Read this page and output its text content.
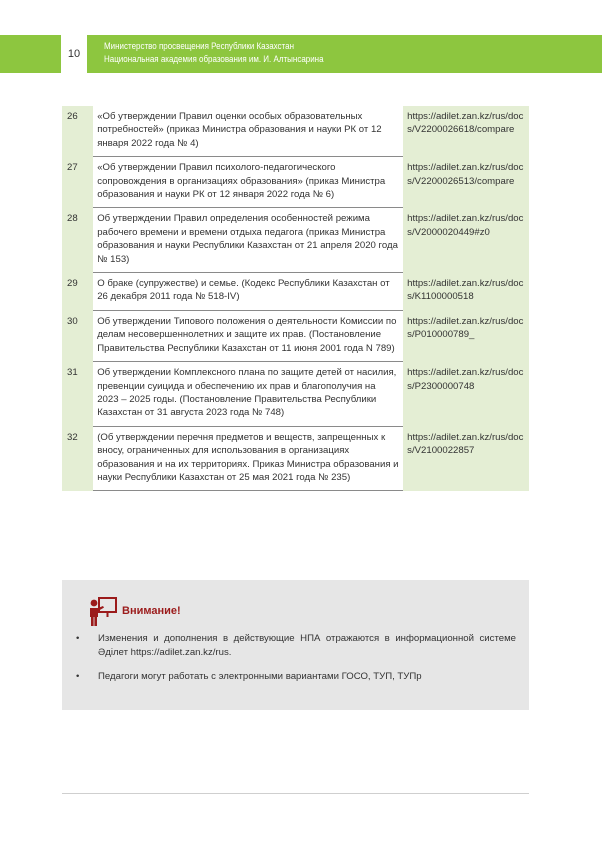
10
Министерство просвещения Республики Казахстан
Национальная академия образования им. И. Алтынсарина
26	«Об утверждении Правил оценки особых образовательных потребностей» (приказ Министра образования и науки РК от 12 января 2022 года № 4)	https://adilet.zan.kz/rus/docs/V2200026618/compare
27	«Об утверждении Правил психолого-педагогического сопровождения в организациях образования» (приказ Министра образования и науки РК от 12 января 2022 года № 6)	https://adilet.zan.kz/rus/docs/V2200026513/compare
28	Об утверждении Правил определения особенностей режима рабочего времени и времени отдыха педагога (приказ Министра образования и науки Республики Казахстан от 21 апреля 2020 года № 153)	https://adilet.zan.kz/rus/docs/V2000020449#z0
29	О браке (супружестве) и семье. (Кодекс Республики Казахстан от 26 декабря 2011 года № 518-IV)	https://adilet.zan.kz/rus/docs/K1100000518
30	Об утверждении Типового положения о деятельности Комиссии по делам несовершеннолетних и защите их прав. (Постановление Правительства Республики Казахстан от 11 июня 2001 года N 789)	https://adilet.zan.kz/rus/docs/P010000789_
31	Об утверждении Комплексного плана по защите детей от насилия, превенции суицида и обеспечению их прав и благополучия на 2023 – 2025 годы. (Постановление Правительства Республики Казахстан от 31 августа 2023 года № 748)	https://adilet.zan.kz/rus/docs/P2300000748
32	(Об утверждении перечня предметов и веществ, запрещенных к вносу, ограниченных для использования в организациях образования и на их территориях. Приказ Министра образования и науки Республики Казахстан от 25 мая 2021 года № 235)	https://adilet.zan.kz/rus/docs/V2100022857
Внимание!
•	Изменения и дополнения в действующие НПА отражаются в информационной системе Әділет https://adilet.zan.kz/rus.
•	Педагоги могут работать с электронными вариантами ГОСО, ТУП, ТУПр
